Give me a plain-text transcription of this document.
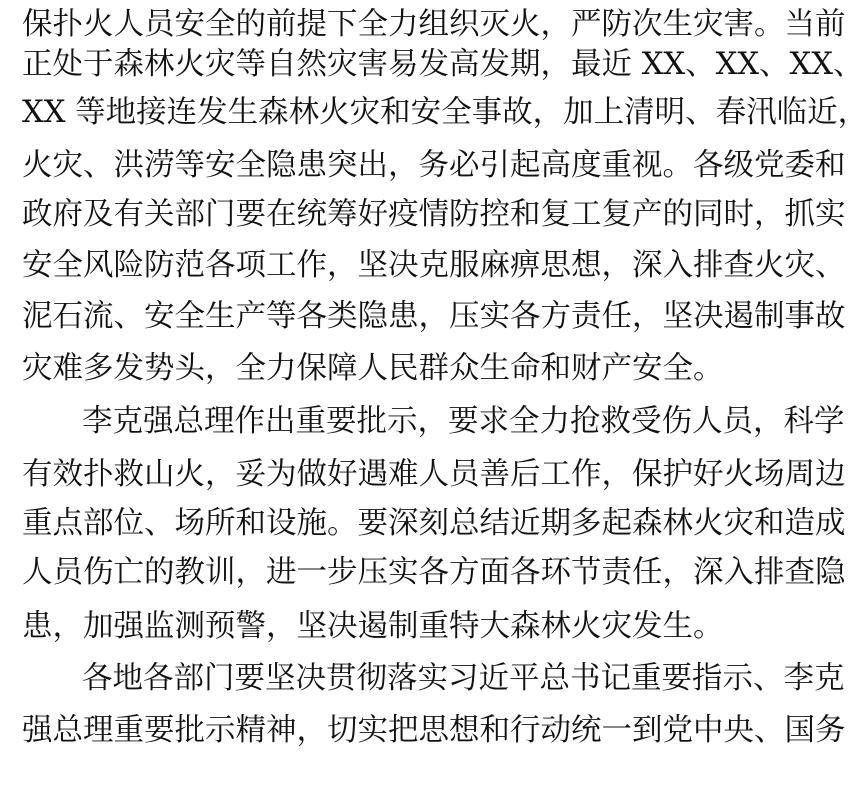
保扑火人员安全的前提下全力组织灭火，严防次生灾害。当前
正处于森林火灾等自然灾害易发高发期，最近 XX、XX、XX、
XX 等地接连发生森林火灾和安全事故，加上清明、春汛临近，
火灾、洪涝等安全隐患突出，务必引起高度重视。各级党委和
政府及有关部门要在统筹好疫情防控和复工复产的同时，抓实
安全风险防范各项工作，坚决克服麻痹思想，深入排查火灾、
泥石流、安全生产等各类隐患，压实各方责任，坚决遏制事故
灾难多发势头，全力保障人民群众生命和财产安全。
李克强总理作出重要批示，要求全力抢救受伤人员，科学
有效扑救山火，妥为做好遇难人员善后工作，保护好火场周边
重点部位、场所和设施。要深刻总结近期多起森林火灾和造成
人员伤亡的教训，进一步压实各方面各环节责任，深入排查隐
患，加强监测预警，坚决遏制重特大森林火灾发生。
各地各部门要坚决贯彻落实习近平总书记重要指示、李克
强总理重要批示精神，切实把思想和行动统一到党中央、国务
